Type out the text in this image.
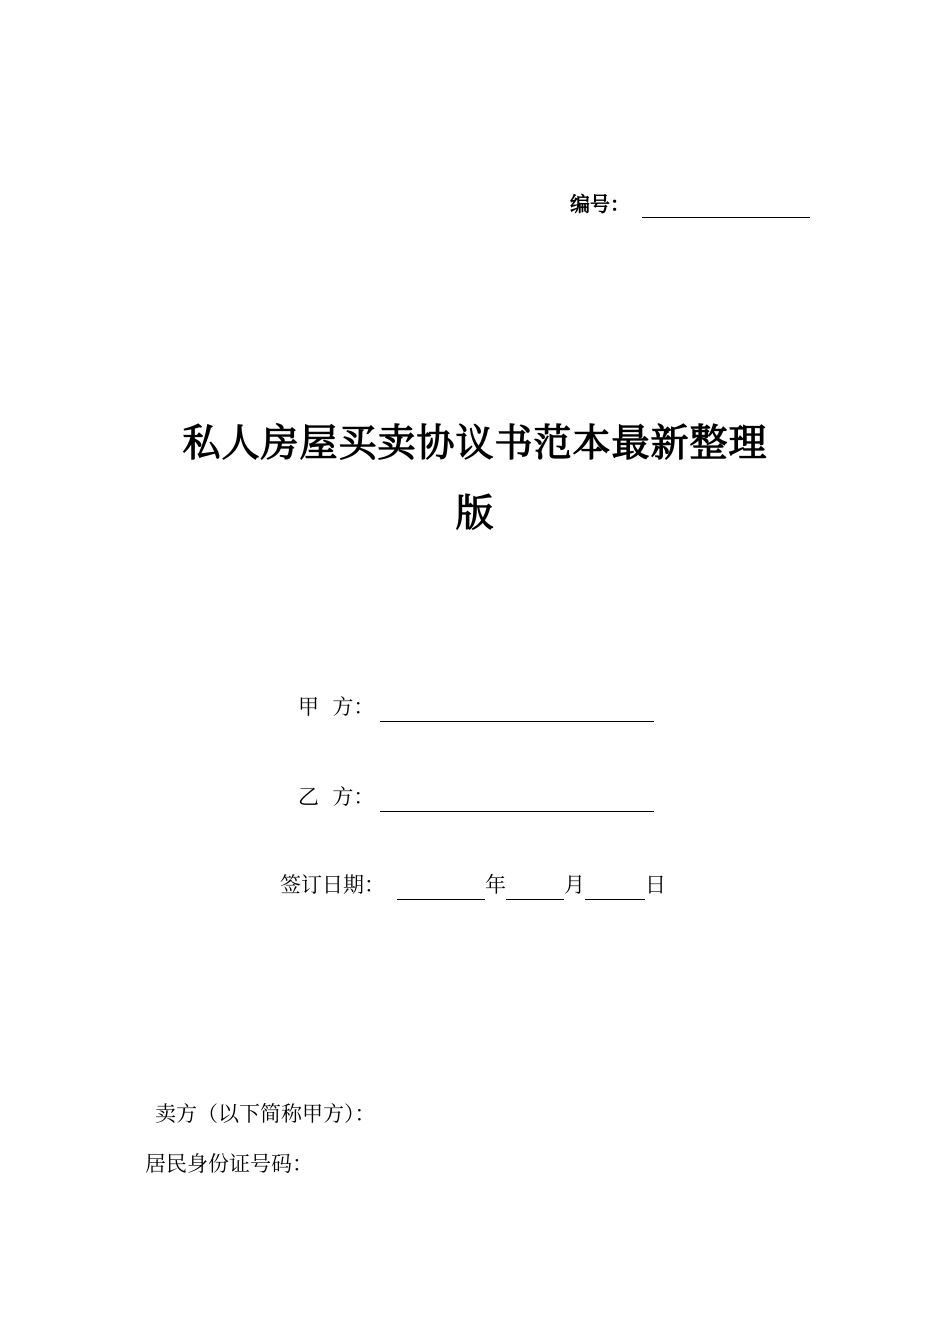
编号：
私人房屋买卖协议书范本最新整理
版
甲  方：
乙  方：
签订日期：	年	月	日
卖方（以下简称甲方）：
居民身份证号码：
